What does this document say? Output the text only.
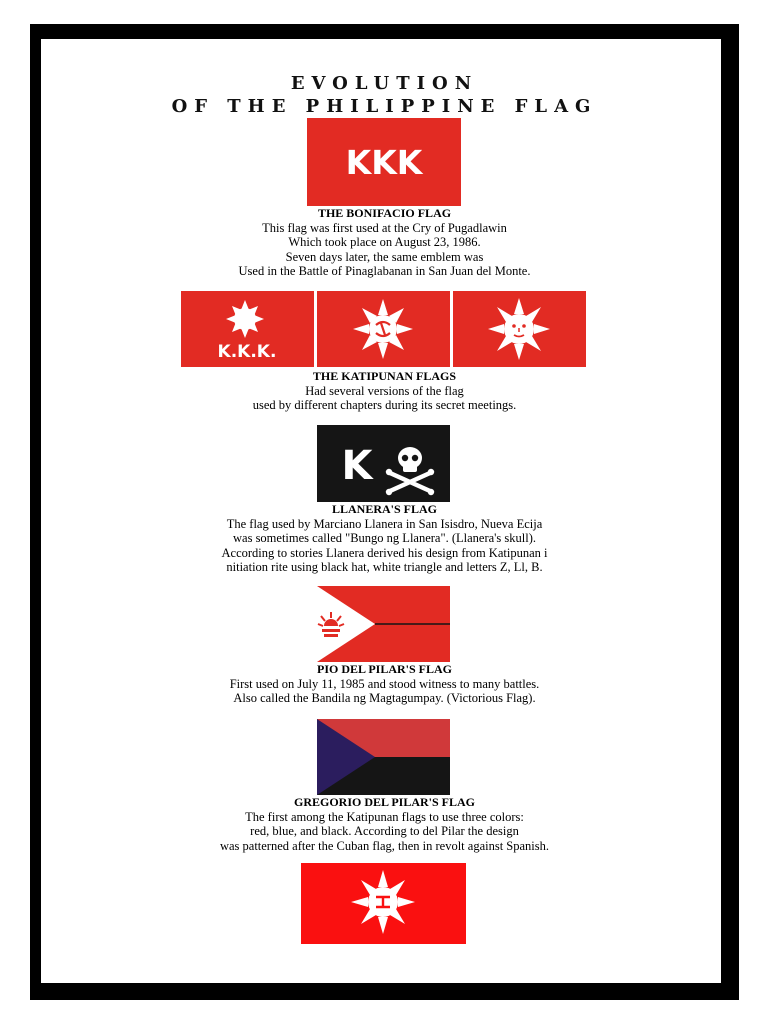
EVOLUTION
OF THE PHILIPPINE FLAG
KKK
THE BONIFACIO FLAG
This flag was first used at the Cry of Pugadlawin
Which took place on August 23, 1986.
Seven days later, the same emblem was
Used in the Battle of Pinaglabanan in San Juan del Monte.
K.K.K.
THE KATIPUNAN FLAGS
Had several versions of the flag
used by different chapters during its secret meetings.
K
LLANERA'S FLAG
The flag used by Marciano Llanera in San Isisdro, Nueva Ecija
was sometimes called "Bungo ng Llanera". (Llanera's skull).
According to stories Llanera derived his design from Katipunan i
nitiation rite using black hat, white triangle and letters Z, Ll, B.
PIO DEL PILAR'S FLAG
First used on July 11, 1985 and stood witness to many battles.
Also called the Bandila ng Magtagumpay. (Victorious Flag).
GREGORIO DEL PILAR'S FLAG
The first among the Katipunan flags to use three colors:
red, blue, and black. According to del Pilar the design
was patterned after the Cuban flag, then in revolt against Spanish.
